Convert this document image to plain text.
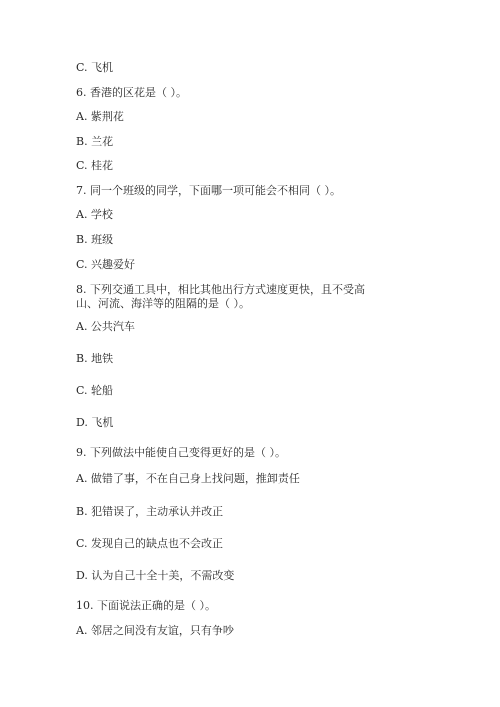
C. 飞机
6. 香港的区花是（ ）。
A. 紫荆花
B. 兰花
C. 桂花
7. 同一个班级的同学，下面哪一项可能会不相同（ ）。
A. 学校
B. 班级
C. 兴趣爱好
8. 下列交通工具中，相比其他出行方式速度更快，且不受高山、河流、海洋等的阻隔的是（ ）。
A. 公共汽车
B. 地铁
C. 轮船
D. 飞机
9. 下列做法中能使自己变得更好的是（ ）。
A. 做错了事，不在自己身上找问题，推卸责任
B. 犯错误了，主动承认并改正
C. 发现自己的缺点也不会改正
D. 认为自己十全十美，不需改变
10. 下面说法正确的是（ ）。
A. 邻居之间没有友谊，只有争吵
